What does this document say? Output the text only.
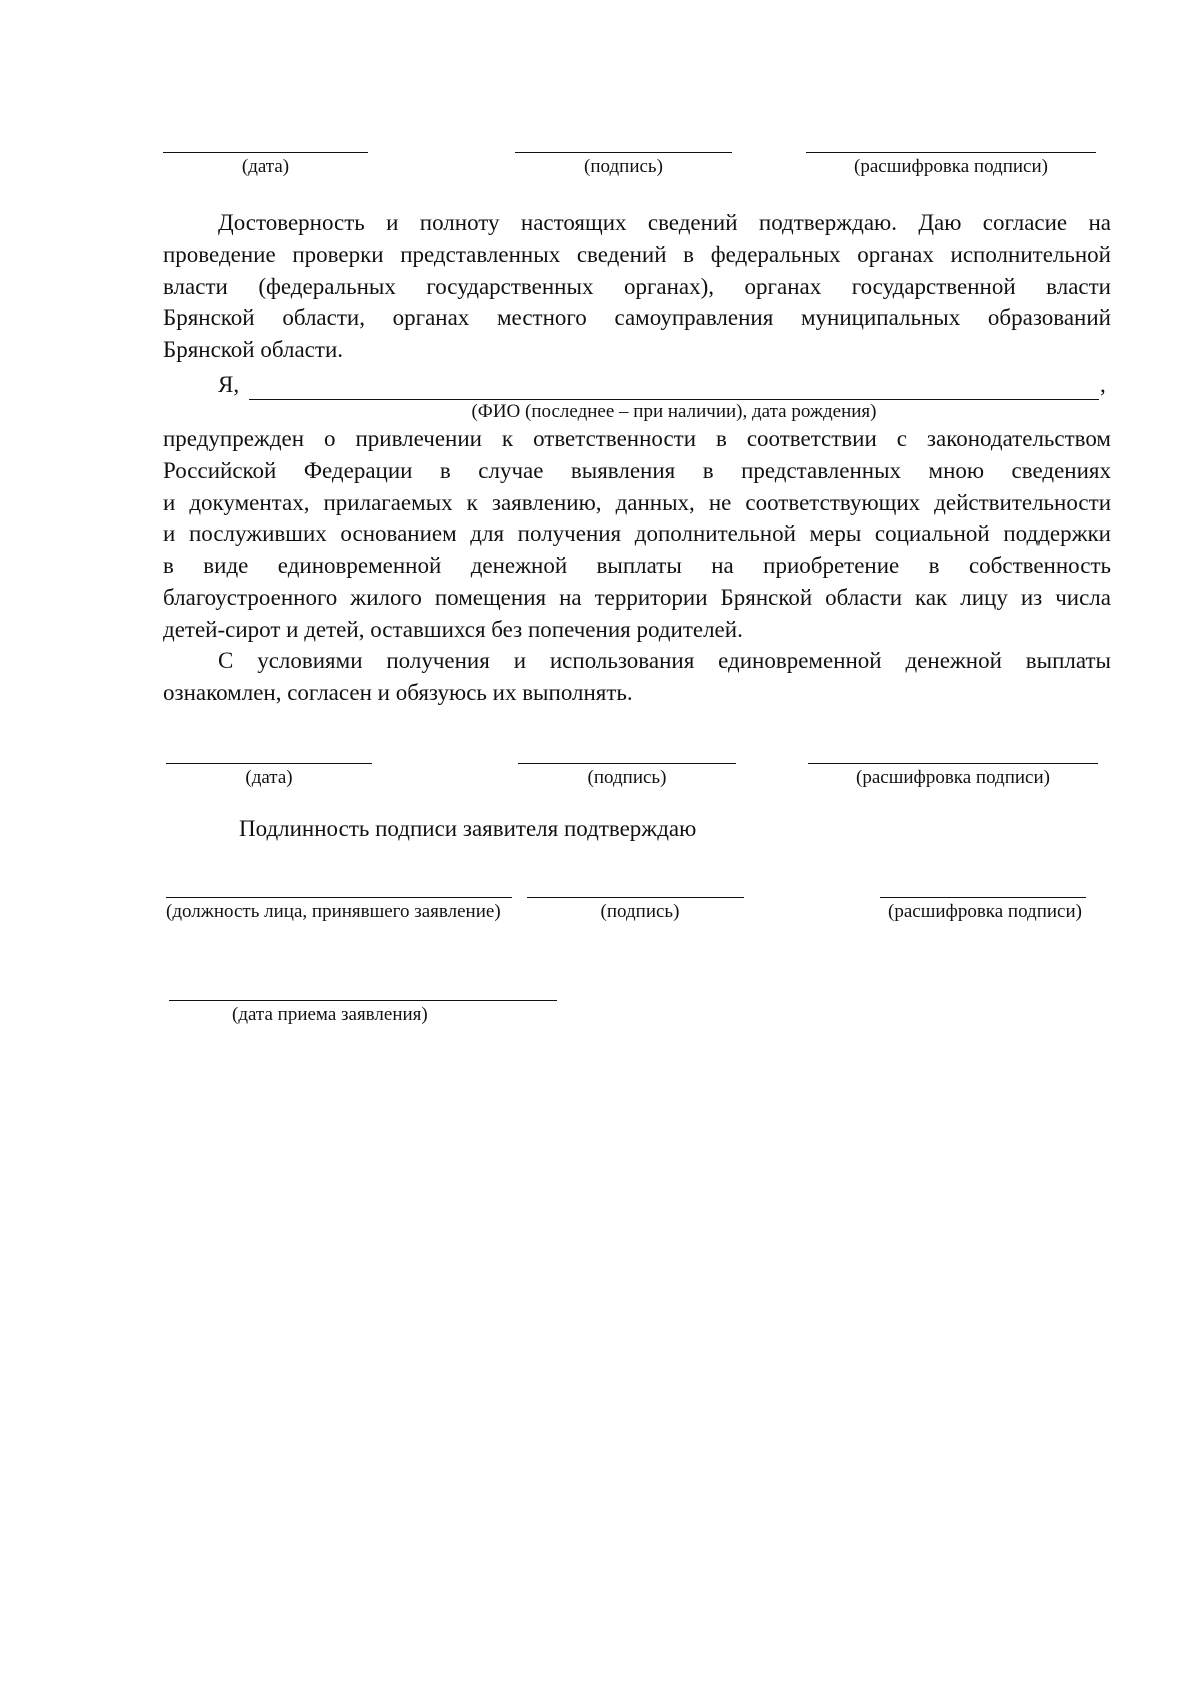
(дата)	(подпись)	(расшифровка подписи)
Достоверность и полноту настоящих сведений подтверждаю. Даю согласие на
проведение проверки представленных сведений в федеральных органах исполнительной
власти (федеральных государственных органах), органах государственной власти
Брянской области, органах местного самоуправления муниципальных образований
Брянской области.
Я,	,
(ФИО (последнее – при наличии), дата рождения)
предупрежден о привлечении к ответственности в соответствии с законодательством
Российской Федерации в случае выявления в представленных мною сведениях
и документах, прилагаемых к заявлению, данных, не соответствующих действительности
и послуживших основанием для получения дополнительной меры социальной поддержки
в виде единовременной денежной выплаты на приобретение в собственность
благоустроенного жилого помещения на территории Брянской области как лицу из числа
детей-сирот и детей, оставшихся без попечения родителей.
С условиями получения и использования единовременной денежной выплаты
ознакомлен, согласен и обязуюсь их выполнять.
(дата)	(подпись)	(расшифровка подписи)
Подлинность подписи заявителя подтверждаю
(должность лица, принявшего заявление)	(подпись)	(расшифровка подписи)
(дата приема заявления)
